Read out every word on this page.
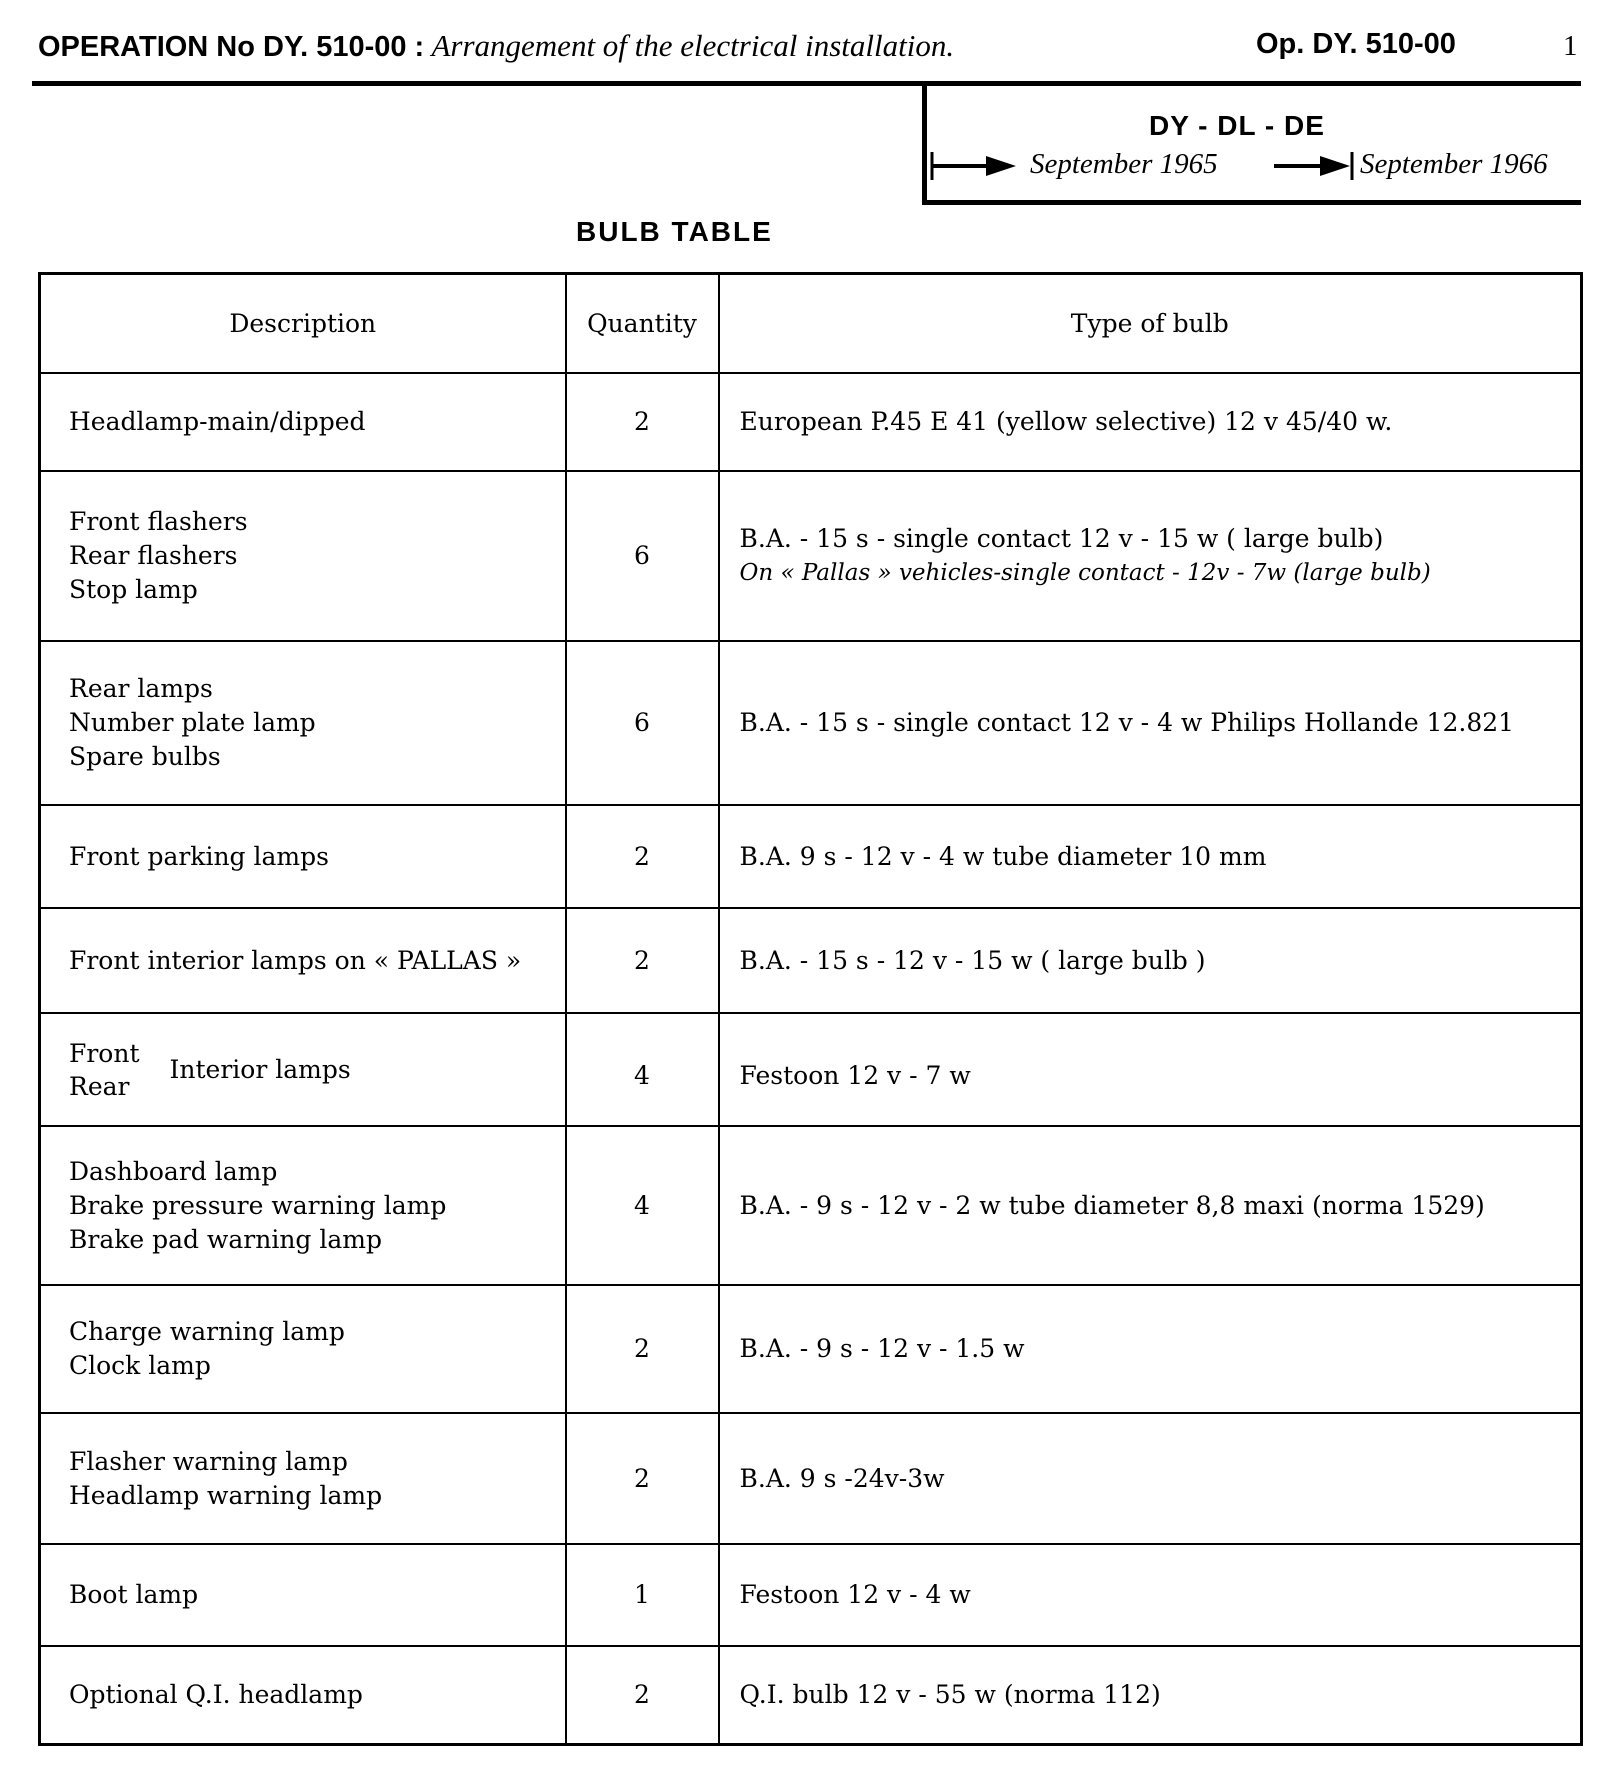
OPERATION No DY. 510-00 : Arrangement of the electrical installation.	Op. DY. 510-00	1
DY - DL - DE
September 1965	September 1966
BULB TABLE
Description	Quantity	Type of bulb

Headlamp-main/dipped	2	European P.45 E 41 (yellow selective) 12 v 45/40 w.

Front flashers
Rear flashers
Stop lamp	6	B.A. - 15 s - single contact 12 v - 15 w ( large bulb)
On « Pallas » vehicles-single contact - 12v - 7w (large bulb)

Rear lamps
Number plate lamp
Spare bulbs	6	B.A. - 15 s - single contact 12 v - 4 w Philips Hollande 12.821

Front parking lamps	2	B.A. 9 s - 12 v - 4 w tube diameter 10 mm

Front interior lamps on « PALLAS »	2	B.A. - 15 s - 12 v - 15 w ( large bulb )

Front
Rear
Interior lamps	4	Festoon 12 v - 7 w

Dashboard lamp
Brake pressure warning lamp
Brake pad warning lamp	4	B.A. - 9 s - 12 v - 2 w tube diameter 8,8 maxi (norma 1529)

Charge warning lamp
Clock lamp	2	B.A. - 9 s - 12 v - 1.5 w

Flasher warning lamp
Headlamp warning lamp	2	B.A. 9 s -24v-3w

Boot lamp	1	Festoon 12 v - 4 w

Optional Q.I. headlamp	2	Q.I. bulb 12 v - 55 w (norma 112)
